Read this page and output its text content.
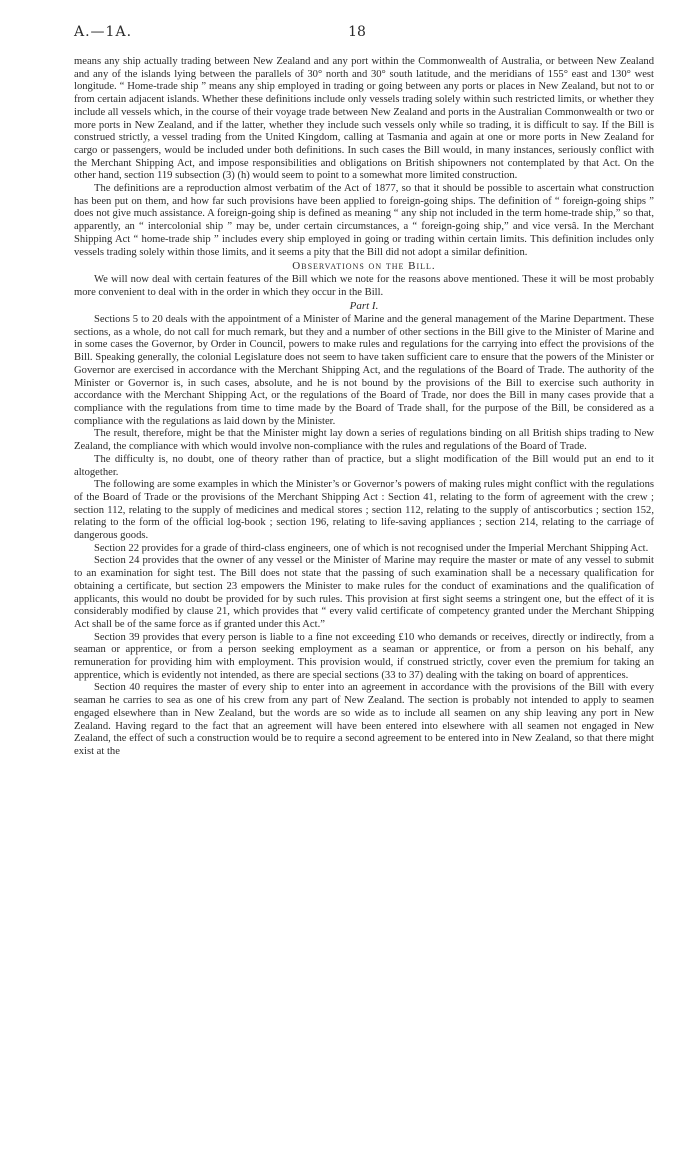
A.—1A.	18

means any ship actually trading between New Zealand and any port within the Commonwealth of Australia, or between New Zealand and any of the islands lying between the parallels of 30° north and 30° south latitude, and the meridians of 155° east and 130° west longitude. “ Home-trade ship ” means any ship employed in trading or going between any ports or places in New Zealand, but not to or from certain adjacent islands. Whether these definitions include only vessels trading solely within such restricted limits, or whether they include all vessels which, in the course of their voyage trade between New Zealand and ports in the Australian Commonwealth or two or more ports in New Zealand, and if the latter, whether they include such vessels only while so trading, it is difficult to say. If the Bill is construed strictly, a vessel trading from the United Kingdom, calling at Tasmania and again at one or more ports in New Zealand for cargo or passengers, would be included under both definitions. In such cases the Bill would, in many instances, seriously conflict with the Merchant Shipping Act, and impose responsibilities and obligations on British shipowners not contemplated by that Act. On the other hand, section 119 subsection (3) (h) would seem to point to a somewhat more limited construction.

The definitions are a reproduction almost verbatim of the Act of 1877, so that it should be possible to ascertain what construction has been put on them, and how far such provisions have been applied to foreign-going ships. The definition of “ foreign-going ships ” does not give much assistance. A foreign-going ship is defined as meaning “ any ship not included in the term home-trade ship,” so that, apparently, an “ intercolonial ship ” may be, under certain circumstances, a “ foreign-going ship,” and vice versâ. In the Merchant Shipping Act “ home-trade ship ” includes every ship employed in going or trading within certain limits. This definition includes only vessels trading solely within those limits, and it seems a pity that the Bill did not adopt a similar definition.

Observations on the Bill.

We will now deal with certain features of the Bill which we note for the reasons above mentioned. These it will be most probably more convenient to deal with in the order in which they occur in the Bill.

Part I.

Sections 5 to 20 deals with the appointment of a Minister of Marine and the general management of the Marine Department. These sections, as a whole, do not call for much remark, but they and a number of other sections in the Bill give to the Minister of Marine and in some cases the Governor, by Order in Council, powers to make rules and regulations for the carrying into effect the provisions of the Bill. Speaking generally, the colonial Legislature does not seem to have taken sufficient care to ensure that the powers of the Minister or Governor are exercised in accordance with the Merchant Shipping Act, and the regulations of the Board of Trade. The authority of the Minister or Governor is, in such cases, absolute, and he is not bound by the provisions of the Bill to exercise such authority in accordance with the Merchant Shipping Act, or the regulations of the Board of Trade, nor does the Bill in many cases provide that a compliance with the regulations from time to time made by the Board of Trade shall, for the purpose of the Bill, be considered as a compliance with the regulations as laid down by the Minister.

The result, therefore, might be that the Minister might lay down a series of regulations binding on all British ships trading to New Zealand, the compliance with which would involve non-compliance with the rules and regulations of the Board of Trade.

The difficulty is, no doubt, one of theory rather than of practice, but a slight modification of the Bill would put an end to it altogether.

The following are some examples in which the Minister’s or Governor’s powers of making rules might conflict with the regulations of the Board of Trade or the provisions of the Merchant Shipping Act : Section 41, relating to the form of agreement with the crew ; section 112, relating to the supply of medicines and medical stores ; section 112, relating to the supply of antiscorbutics ; section 152, relating to the form of the official log-book ; section 196, relating to life-saving appliances ; section 214, relating to the carriage of dangerous goods.

Section 22 provides for a grade of third-class engineers, one of which is not recognised under the Imperial Merchant Shipping Act.

Section 24 provides that the owner of any vessel or the Minister of Marine may require the master or mate of any vessel to submit to an examination for sight test. The Bill does not state that the passing of such examination shall be a necessary qualification for obtaining a certificate, but section 23 empowers the Minister to make rules for the conduct of examinations and the qualification of applicants, this would no doubt be provided for by such rules. This provision at first sight seems a stringent one, but the effect of it is considerably modified by clause 21, which provides that “ every valid certificate of competency granted under the Merchant Shipping Act shall be of the same force as if granted under this Act.”

Section 39 provides that every person is liable to a fine not exceeding £10 who demands or receives, directly or indirectly, from a seaman or apprentice, or from a person seeking employment as a seaman or apprentice, or from a person on his behalf, any remuneration for providing him with employment. This provision would, if construed strictly, cover even the premium for taking an apprentice, which is evidently not intended, as there are special sections (33 to 37) dealing with the taking on board of apprentices.

Section 40 requires the master of every ship to enter into an agreement in accordance with the provisions of the Bill with every seaman he carries to sea as one of his crew from any part of New Zealand. The section is probably not intended to apply to seamen engaged elsewhere than in New Zealand, but the words are so wide as to include all seamen on any ship leaving any port in New Zealand. Having regard to the fact that an agreement will have been entered into elsewhere with all seamen not engaged in New Zealand, the effect of such a construction would be to require a second agreement to be entered into in New Zealand, so that there might exist at the
